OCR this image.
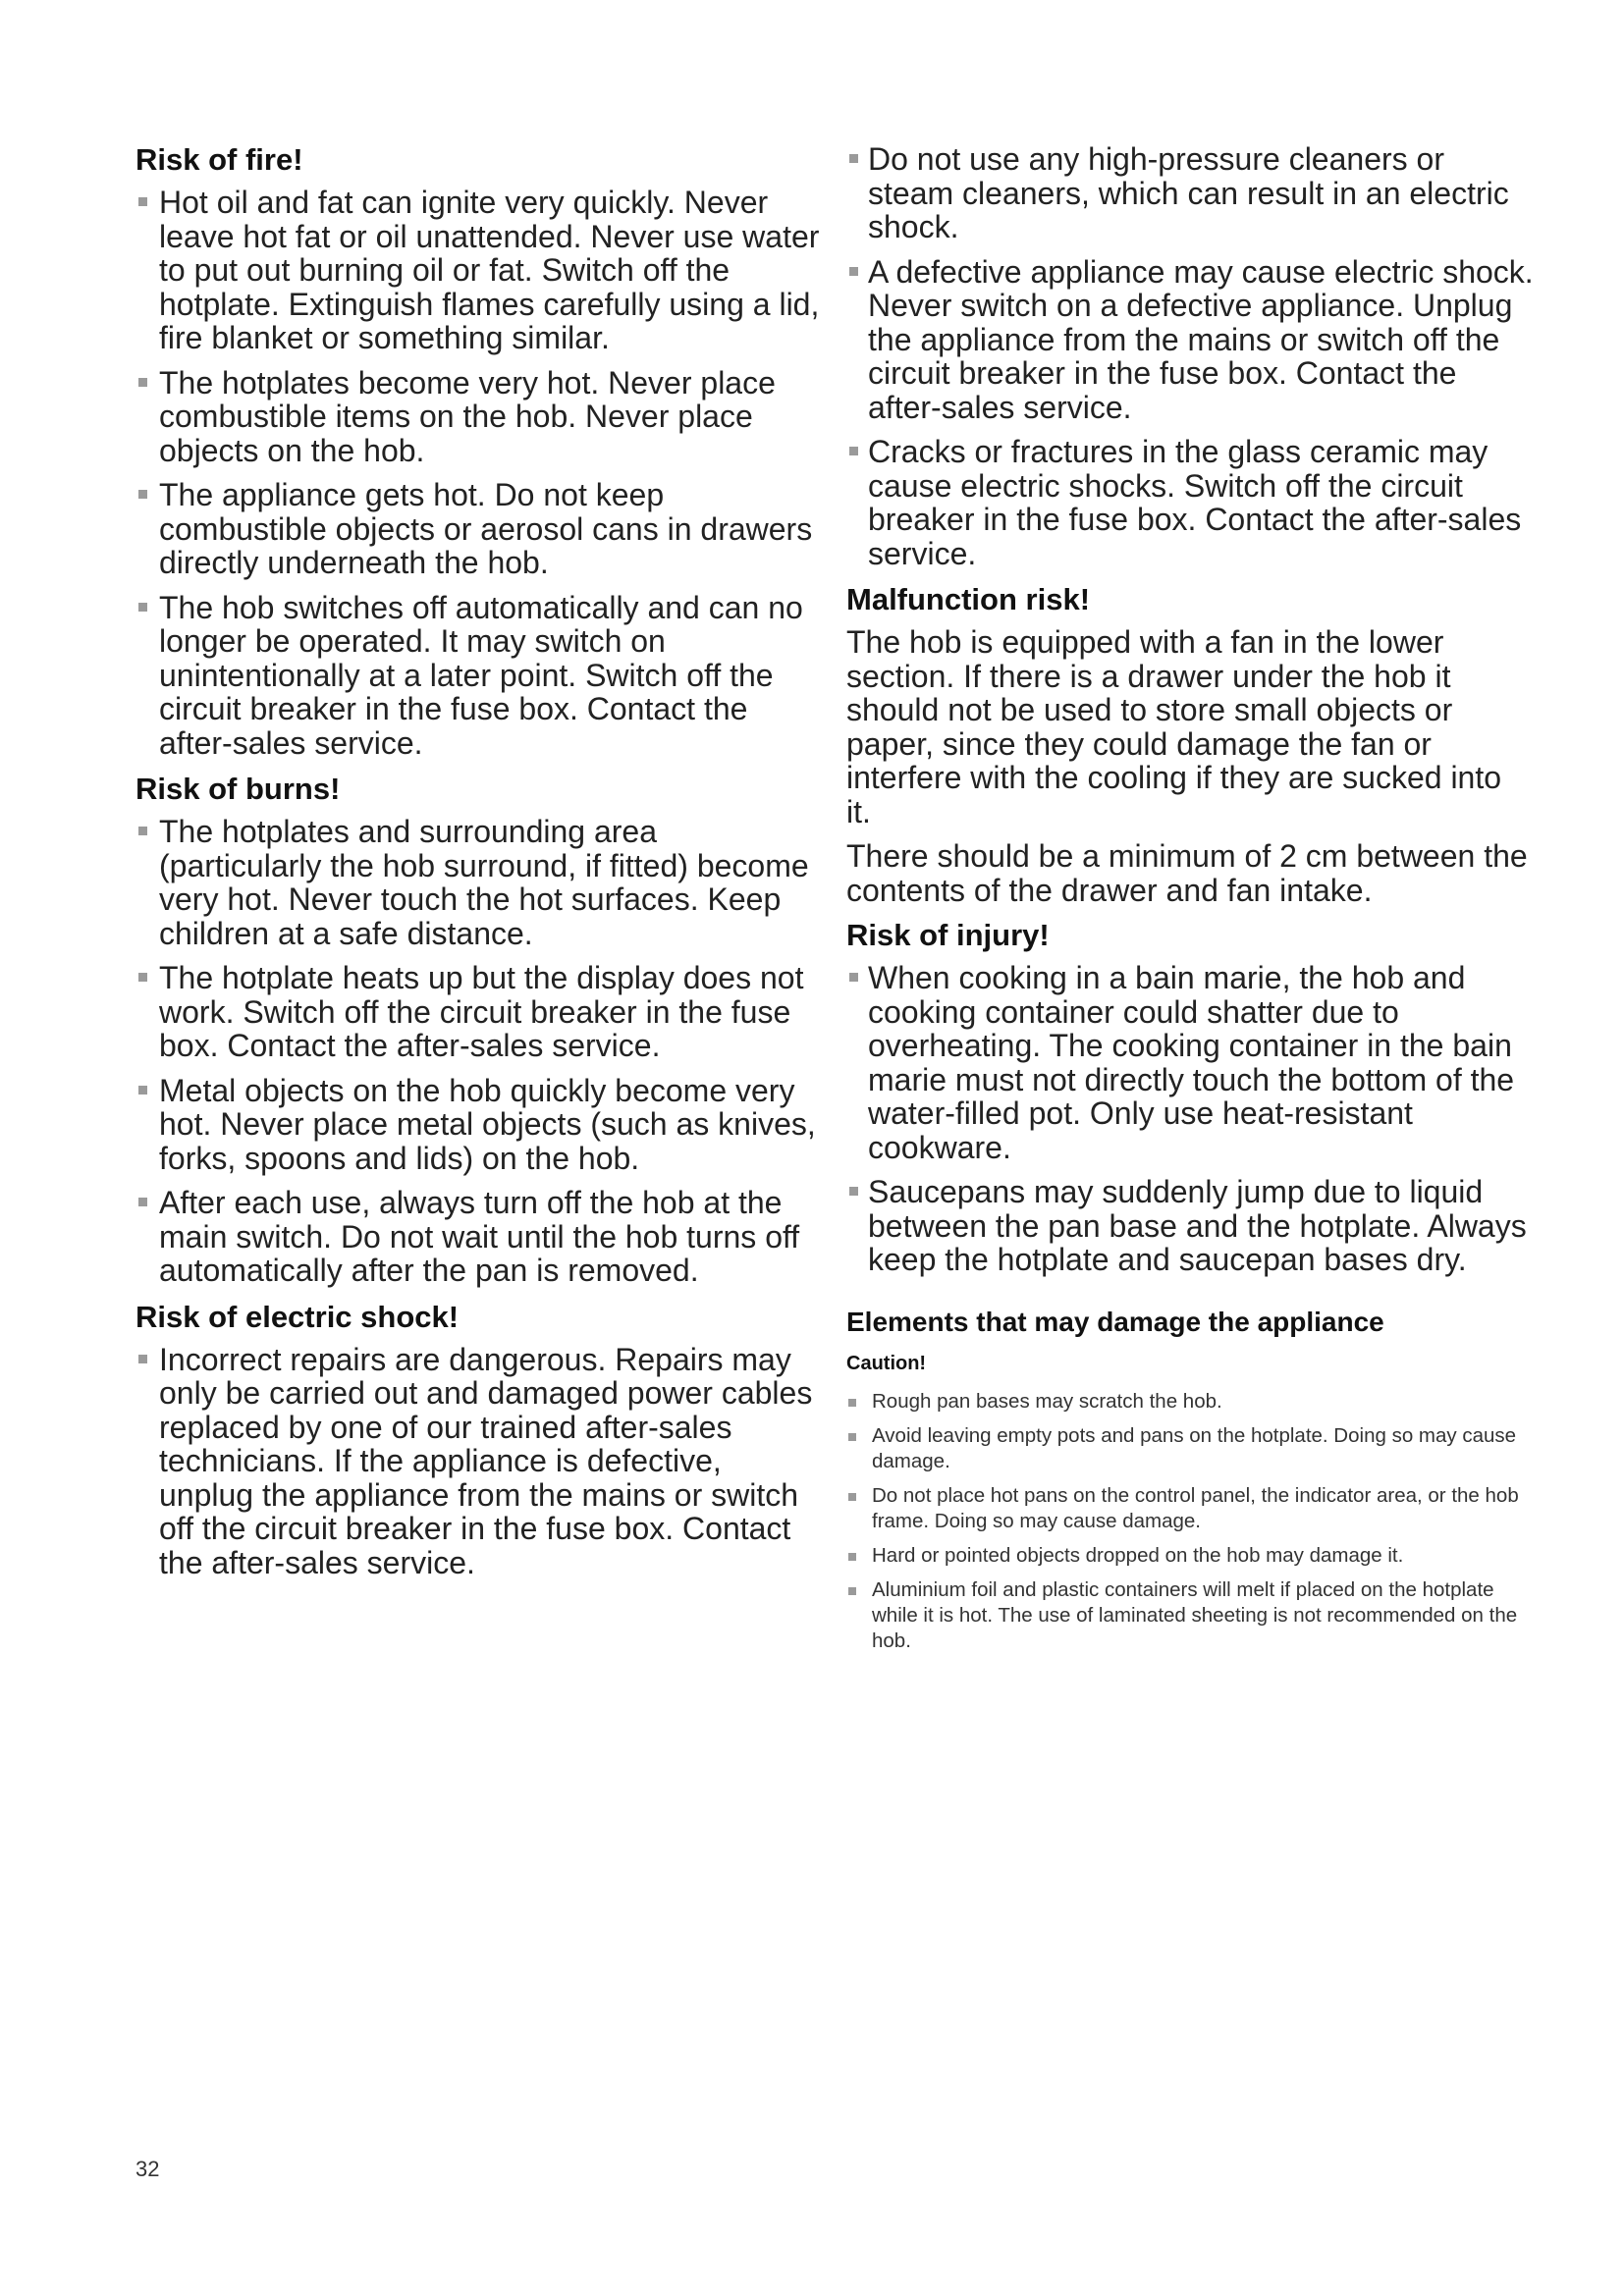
Risk of fire!
Hot oil and fat can ignite very quickly. Never leave hot fat or oil unattended. Never use water to put out burning oil or fat. Switch off the hotplate. Extinguish flames carefully using a lid, fire blanket or something similar.
The hotplates become very hot. Never place combustible items on the hob. Never place objects on the hob.
The appliance gets hot. Do not keep combustible objects or aerosol cans in drawers directly underneath the hob.
The hob switches off automatically and can no longer be operated. It may switch on unintentionally at a later point. Switch off the circuit breaker in the fuse box. Contact the after-sales service.
Risk of burns!
The hotplates and surrounding area (particularly the hob surround, if fitted) become very hot. Never touch the hot surfaces. Keep children at a safe distance.
The hotplate heats up but the display does not work. Switch off the circuit breaker in the fuse box. Contact the after-sales service.
Metal objects on the hob quickly become very hot. Never place metal objects (such as knives, forks, spoons and lids) on the hob.
After each use, always turn off the hob at the main switch. Do not wait until the hob turns off automatically after the pan is removed.
Risk of electric shock!
Incorrect repairs are dangerous. Repairs may only be carried out and damaged power cables replaced by one of our trained after-sales technicians. If the appliance is defective, unplug the appliance from the mains or switch off the circuit breaker in the fuse box. Contact the after-sales service.
Do not use any high-pressure cleaners or steam cleaners, which can result in an electric shock.
A defective appliance may cause electric shock. Never switch on a defective appliance. Unplug the appliance from the mains or switch off the circuit breaker in the fuse box. Contact the after-sales service.
Cracks or fractures in the glass ceramic may cause electric shocks. Switch off the circuit breaker in the fuse box. Contact the after-sales service.
Malfunction risk!

The hob is equipped with a fan in the lower section. If there is a drawer under the hob it should not be used to store small objects or paper, since they could damage the fan or interfere with the cooling if they are sucked into it.

There should be a minimum of 2 cm between the contents of the drawer and fan intake.

Risk of injury!
When cooking in a bain marie, the hob and cooking container could shatter due to overheating. The cooking container in the bain marie must not directly touch the bottom of the water-filled pot. Only use heat-resistant cookware.
Saucepans may suddenly jump due to liquid between the pan base and the hotplate. Always keep the hotplate and saucepan bases dry.
Elements that may damage the appliance
Caution!
Rough pan bases may scratch the hob.
Avoid leaving empty pots and pans on the hotplate. Doing so may cause damage.
Do not place hot pans on the control panel, the indicator area, or the hob frame. Doing so may cause damage.
Hard or pointed objects dropped on the hob may damage it.
Aluminium foil and plastic containers will melt if placed on the hotplate while it is hot. The use of laminated sheeting is not recommended on the hob.
32
